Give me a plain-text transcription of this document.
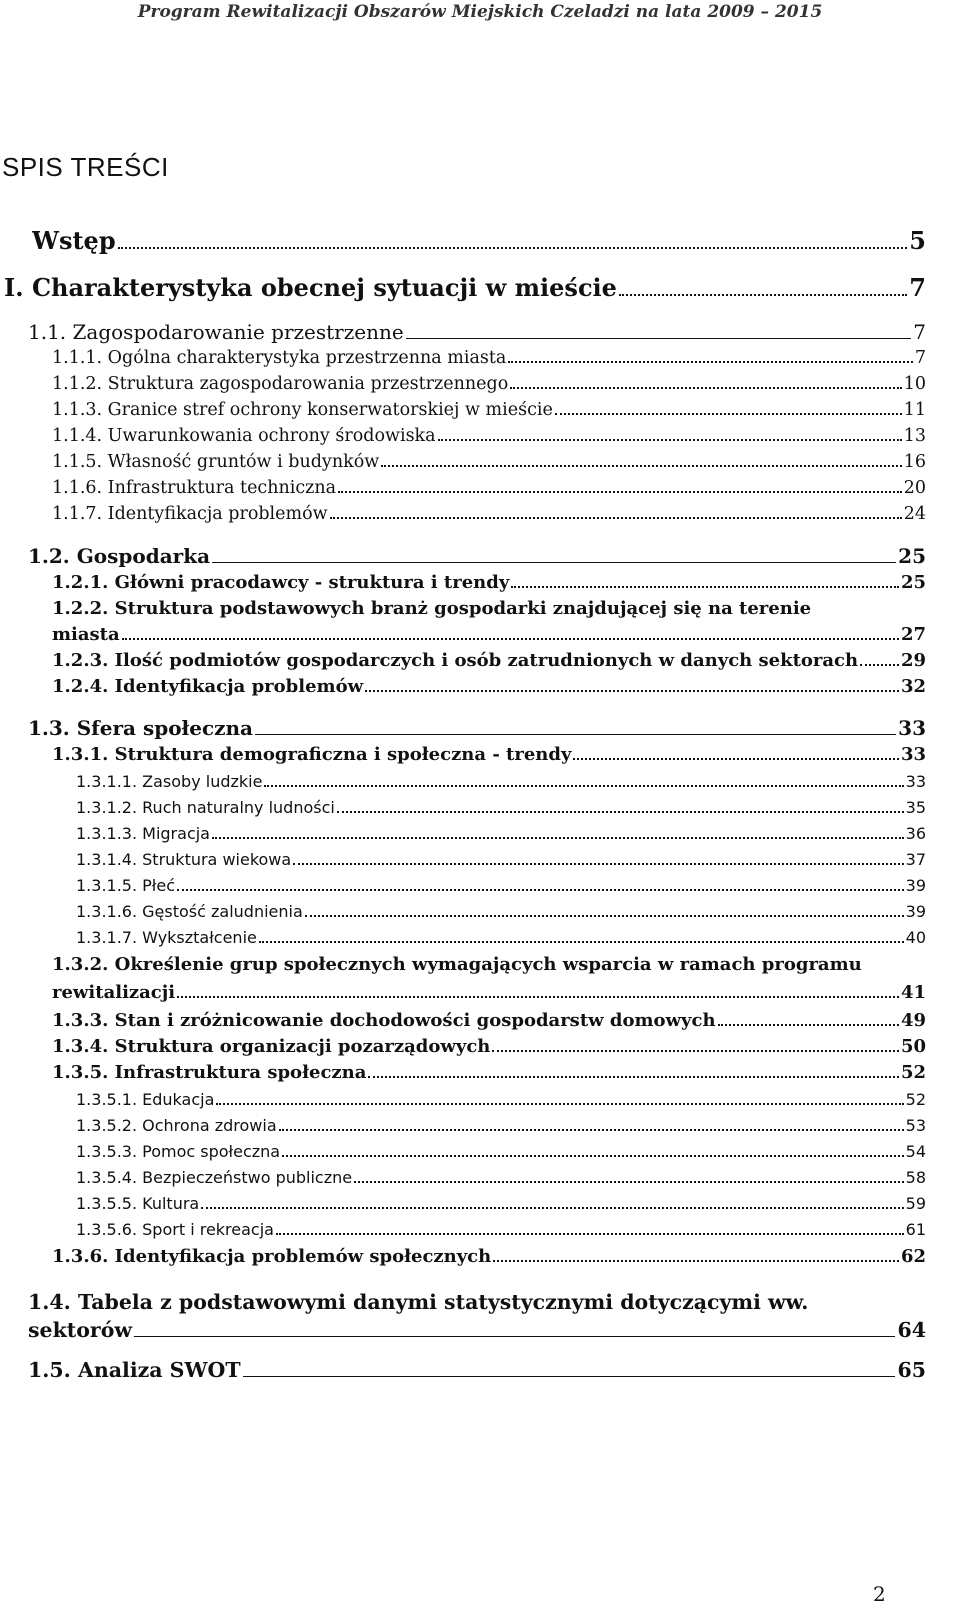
Program Rewitalizacji Obszarów Miejskich Czeladzi na lata 2009 – 2015
SPIS TREŚCI
Wstęp	5
I. Charakterystyka obecnej sytuacji w mieście	7
1.1. Zagospodarowanie przestrzenne	7
1.1.1. Ogólna charakterystyka przestrzenna miasta	7
1.1.2. Struktura zagospodarowania przestrzennego	10
1.1.3. Granice stref ochrony konserwatorskiej w mieście	11
1.1.4. Uwarunkowania ochrony środowiska	13
1.1.5. Własność gruntów i budynków	16
1.1.6. Infrastruktura techniczna	20
1.1.7. Identyfikacja problemów	24
1.2. Gospodarka	25
1.2.1. Główni pracodawcy - struktura i trendy	25
1.2.2. Struktura podstawowych branż gospodarki znajdującej się na terenie
miasta	27
1.2.3. Ilość podmiotów gospodarczych i osób zatrudnionych w danych sektorach 29
1.2.4. Identyfikacja problemów	32
1.3. Sfera społeczna	33
1.3.1. Struktura demograficzna i społeczna - trendy	33
1.3.1.1. Zasoby ludzkie	33
1.3.1.2. Ruch naturalny ludności	35
1.3.1.3. Migracja	36
1.3.1.4. Struktura wiekowa	37
1.3.1.5. Płeć	39
1.3.1.6. Gęstość zaludnienia	39
1.3.1.7. Wykształcenie	40
1.3.2. Określenie grup społecznych wymagających wsparcia w ramach programu
rewitalizacji	41
1.3.3. Stan i zróżnicowanie dochodowości gospodarstw domowych	49
1.3.4. Struktura organizacji pozarządowych	50
1.3.5. Infrastruktura społeczna	52
1.3.5.1. Edukacja	52
1.3.5.2. Ochrona zdrowia	53
1.3.5.3. Pomoc społeczna	54
1.3.5.4. Bezpieczeństwo publiczne	58
1.3.5.5. Kultura	59
1.3.5.6. Sport i rekreacja	61
1.3.6. Identyfikacja problemów społecznych	62
1.4. Tabela z podstawowymi danymi statystycznymi dotyczącymi ww.
sektorów	64
1.5. Analiza SWOT	65
2
